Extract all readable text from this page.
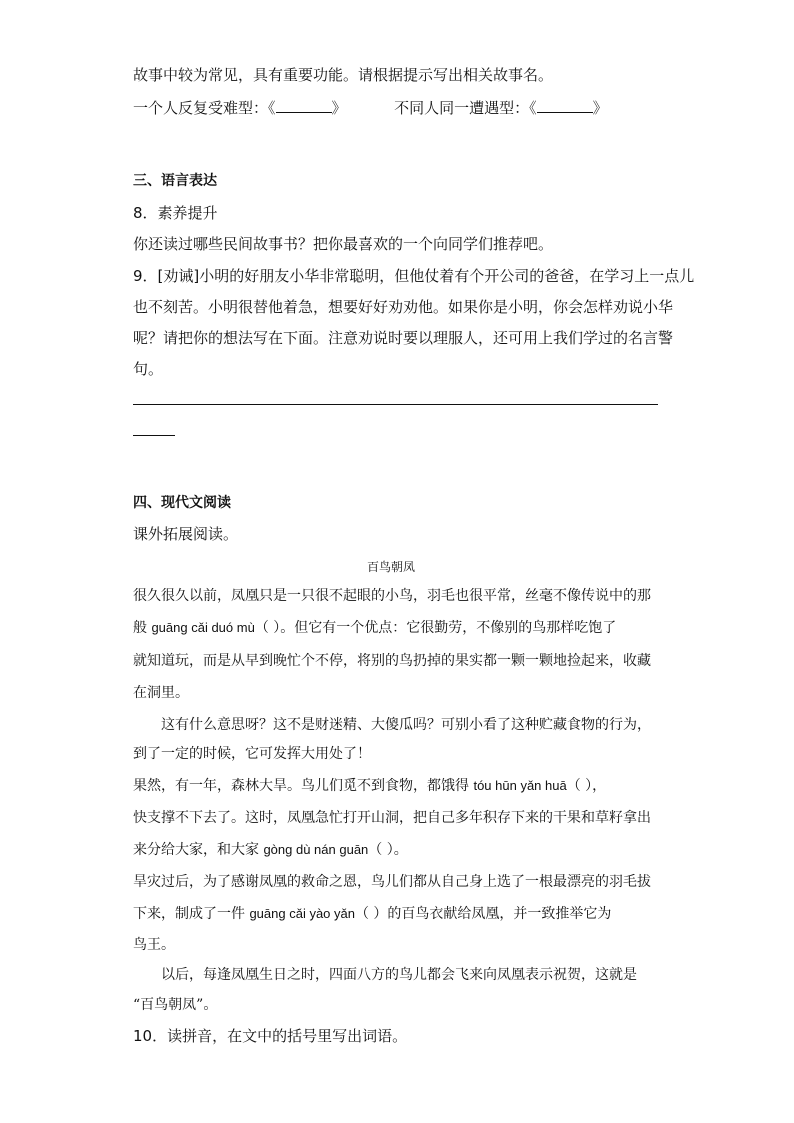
故事中较为常见，具有重要功能。请根据提示写出相关故事名。
一个人反复受难型：《	》	不同人同一遭遇型：《	》
三、语言表达
8．素养提升
你还读过哪些民间故事书？把你最喜欢的一个向同学们推荐吧。
9．[劝诫]小明的好朋友小华非常聪明，但他仗着有个开公司的爸爸，在学习上一点儿
也不刻苦。小明很替他着急，想要好好劝劝他。如果你是小明，你会怎样劝说小华
呢？请把你的想法写在下面。注意劝说时要以理服人，还可用上我们学过的名言警
句。
四、现代文阅读
课外拓展阅读。
百鸟朝凤
很久很久以前，凤凰只是一只很不起眼的小鸟，羽毛也很平常，丝毫不像传说中的那
般 guāng cǎi duó mù（ ）。但它有一个优点：它很勤劳，不像别的鸟那样吃饱了
就知道玩，而是从早到晚忙个不停，将别的鸟扔掉的果实都一颗一颗地捡起来，收藏
在洞里。
这有什么意思呀？这不是财迷精、大傻瓜吗？可别小看了这种贮藏食物的行为，
到了一定的时候，它可发挥大用处了！
果然，有一年，森林大旱。鸟儿们觅不到食物，都饿得 tóu hūn yǎn huā（ ），
快支撑不下去了。这时，凤凰急忙打开山洞，把自己多年积存下来的干果和草籽拿出
来分给大家，和大家 gòng dù nán guān（ ）。
旱灾过后，为了感谢凤凰的救命之恩，鸟儿们都从自己身上选了一根最漂亮的羽毛拔
下来，制成了一件 guāng cǎi yào yǎn（ ）的百鸟衣献给凤凰，并一致推举它为
鸟王。
以后，每逢凤凰生日之时，四面八方的鸟儿都会飞来向凤凰表示祝贺，这就是
“百鸟朝凤”。
10．读拼音，在文中的括号里写出词语。
